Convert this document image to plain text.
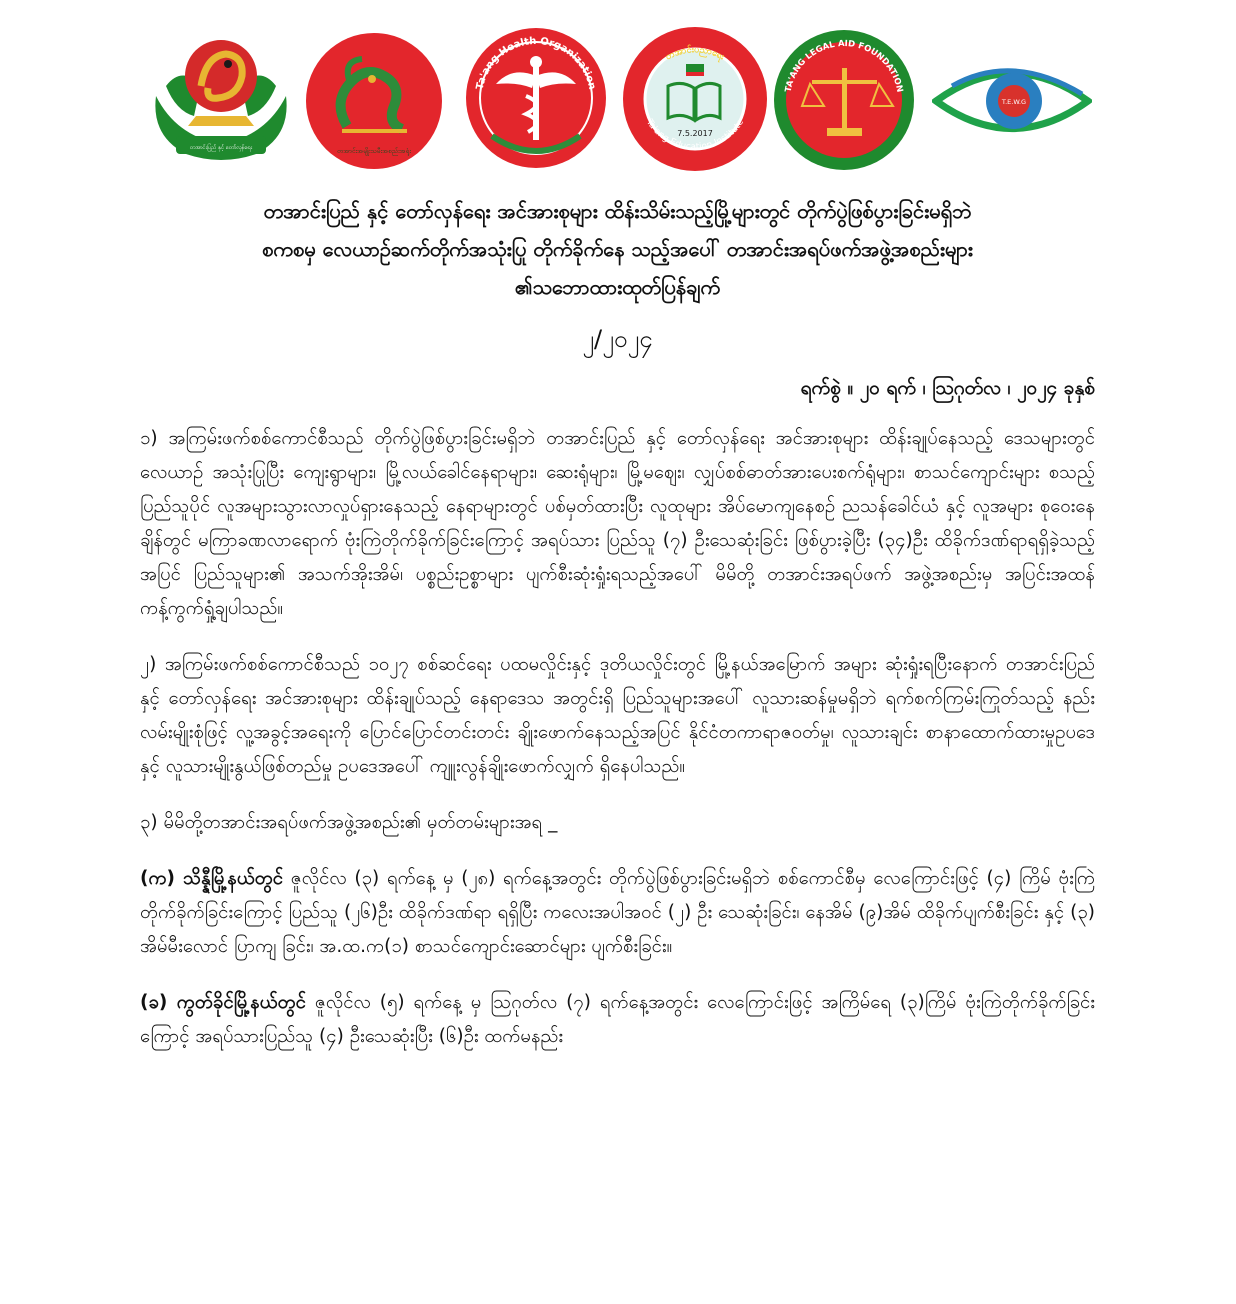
တအာင်းပြည် နှင့် တော်လှန်ရေး	တအာင်းအမျိုးသမီးအစည်းအရုံး
Ta'ang Health Organization
တအာင်းပညာရေး
Ta'ang Education Institute
7.5.2017
TA'ANG LEGAL AID FOUNDATION
T.E.W.G
တအာင်းပြည် နှင့် တော်လှန်ရေး အင်အားစုများ ထိန်းသိမ်းသည့်မြို့များတွင် တိုက်ပွဲဖြစ်ပွားခြင်းမရှိဘဲ
စကစမှ လေယာဉ်ဆက်တိုက်အသုံးပြု တိုက်ခိုက်နေ သည့်အပေါ် တအာင်းအရပ်ဖက်အဖွဲ့အစည်းများ
၏သဘောထားထုတ်ပြန်ချက်
၂/၂၀၂၄
ရက်စွဲ ။ ၂၀ ရက် ၊ ဩဂုတ်လ ၊ ၂၀၂၄ ခုနှစ်

၁) အကြမ်းဖက်စစ်ကောင်စီသည် တိုက်ပွဲဖြစ်ပွားခြင်းမရှိဘဲ တအာင်းပြည် နှင့် တော်လှန်ရေး အင်အားစုများ ထိန်းချုပ်နေသည့် ဒေသများတွင် လေယာဉ် အသုံးပြုပြီး ကျေးရွာများ၊ မြို့လယ်ခေါင်နေရာများ၊ ဆေးရုံများ၊ မြို့မဈေး၊ လျှပ်စစ်ဓာတ်အားပေးစက်ရုံများ၊ စာသင်ကျောင်းများ စသည့် ပြည်သူပိုင် လူအများသွားလာလှုပ်ရှားနေသည့် နေရာများတွင် ပစ်မှတ်ထားပြီး လူထုများ အိပ်မောကျနေစဉ် ညသန်ခေါင်ယံ နှင့် လူအများ စုဝေးနေချိန်တွင် မကြာခဏလာရောက် ဗုံးကြဲတိုက်ခိုက်ခြင်းကြောင့် အရပ်သား ပြည်သူ (၇) ဦးသေဆုံးခြင်း ဖြစ်ပွားခဲ့ပြီး (၃၄)ဦး ထိခိုက်ဒဏ်ရာရရှိခဲ့သည့်အပြင် ပြည်သူများ၏ အသက်အိုးအိမ်၊ ပစ္စည်းဥစ္စာများ ပျက်စီးဆုံးရှုံးရသည့်အပေါ် မိမိတို့ တအာင်းအရပ်ဖက် အဖွဲ့အစည်းမှ အပြင်းအထန် ကန့်ကွက်ရှုံ့ချပါသည်။

၂) အကြမ်းဖက်စစ်ကောင်စီသည် ၁၀၂၇ စစ်ဆင်ရေး ပထမလှိုင်းနှင့် ဒုတိယလှိုင်းတွင် မြို့နယ်အမြောက် အများ ဆုံးရှုံးရပြီးနောက် တအာင်းပြည် နှင့် တော်လှန်ရေး အင်အားစုများ ထိန်းချုပ်သည့် နေရာဒေသ အတွင်းရှိ ပြည်သူများအပေါ် လူသားဆန်မှုမရှိဘဲ ရက်စက်ကြမ်းကြုတ်သည့် နည်းလမ်းမျိုးစုံဖြင့် လူ့အခွင့်အရေးကို ပြောင်ပြောင်တင်းတင်း ချိုးဖောက်နေသည့်အပြင် နိုင်ငံတကာရာဇဝတ်မှု၊ လူသားချင်း စာနာထောက်ထားမှုဥပဒေ နှင့် လူသားမျိုးနွယ်ဖြစ်တည်မှု ဥပဒေအပေါ် ကျူးလွန်ချိုးဖောက်လျှက် ရှိနေပါသည်။

၃) မိမိတို့တအာင်းအရပ်ဖက်အဖွဲ့အစည်း၏ မှတ်တမ်းများအရ _

(က) သိန္နီမြို့နယ်တွင် ဇူလိုင်လ (၃) ရက်နေ့ မှ (၂၈) ရက်နေ့အတွင်း တိုက်ပွဲဖြစ်ပွားခြင်းမရှိဘဲ စစ်ကောင်စီမှ လေကြောင်းဖြင့် (၄) ကြိမ် ဗုံးကြဲတိုက်ခိုက်ခြင်းကြောင့် ပြည်သူ (၂၆)ဦး ထိခိုက်ဒဏ်ရာ ရရှိပြီး ကလေးအပါအဝင် (၂) ဦး သေဆုံးခြင်း၊ နေအိမ် (၉)အိမ် ထိခိုက်ပျက်စီးခြင်း နှင့် (၃) အိမ်မီးလောင် ပြာကျ ခြင်း၊ အ.ထ.က(၁) စာသင်ကျောင်းဆောင်များ ပျက်စီးခြင်း။

(ခ) ကွတ်ခိုင်မြို့နယ်တွင် ဇူလိုင်လ (၅) ရက်နေ့ မှ ဩဂုတ်လ (၇) ရက်နေ့အတွင်း လေကြောင်းဖြင့် အကြိမ်ရေ (၃)ကြိမ် ဗုံးကြဲတိုက်ခိုက်ခြင်းကြောင့် အရပ်သားပြည်သူ (၄) ဦးသေဆုံးပြီး (၆)ဦး ထက်မနည်း
